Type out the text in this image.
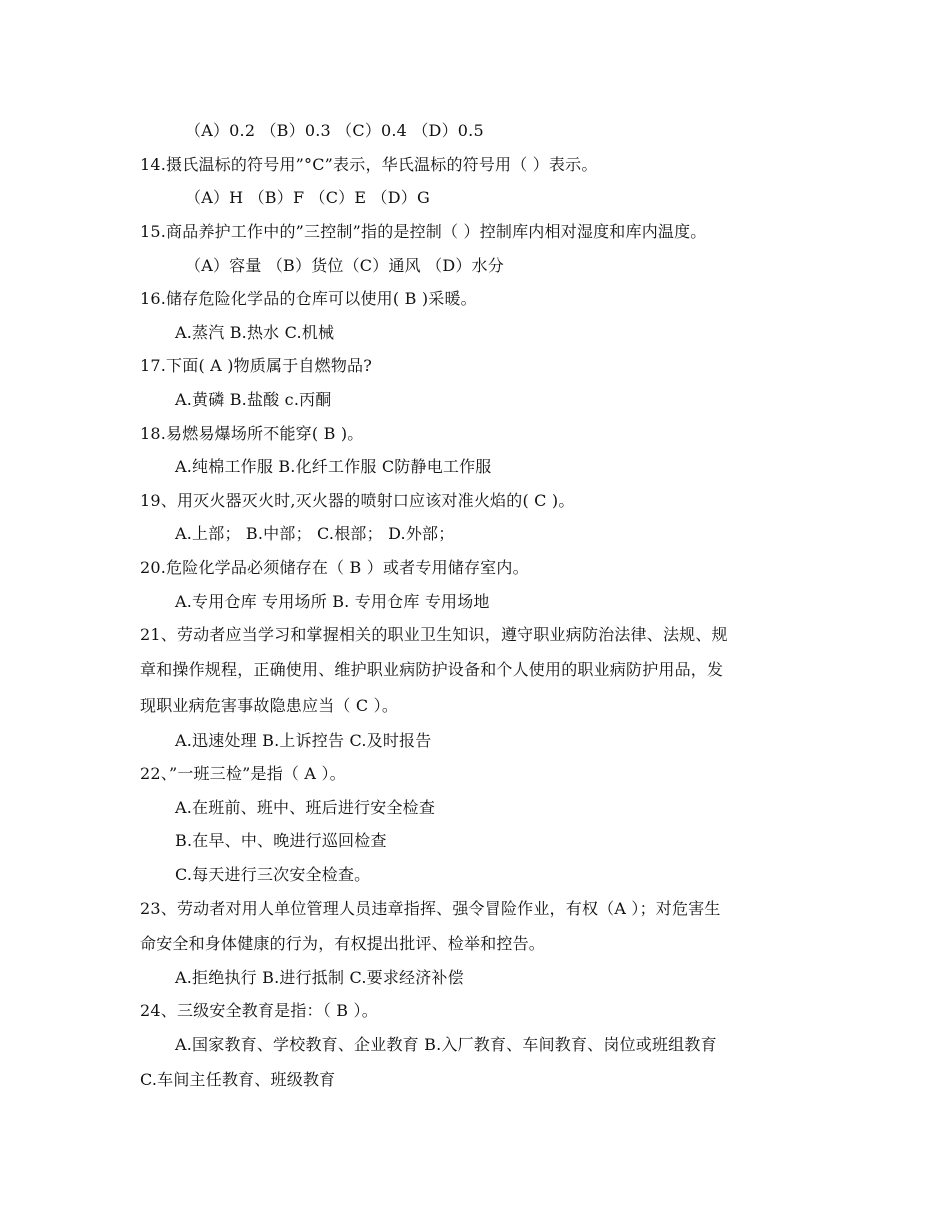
（A）0.2 （B）0.3 （C）0.4 （D）0.5
14.摄氏温标的符号用”°C”表示，华氏温标的符号用（ ）表示。
（A）H （B）F （C）E （D）G
15.商品养护工作中的”三控制”指的是控制（ ）控制库内相对湿度和库内温度。
（A）容量 （B）货位（C）通风 （D）水分
16.储存危险化学品的仓库可以使用( B )采暖。
A.蒸汽 B.热水 C.机械
17.下面( A )物质属于自燃物品?
A.黄磷 B.盐酸 c.丙酮
18.易燃易爆场所不能穿( B )。
A.纯棉工作服 B.化纤工作服 C防静电工作服
19、用灭火器灭火时,灭火器的喷射口应该对准火焰的( C )。
A.上部； B.中部； C.根部； D.外部；
20.危险化学品必须储存在（ B ）或者专用储存室内。
A.专用仓库 专用场所 B. 专用仓库 专用场地
21、劳动者应当学习和掌握相关的职业卫生知识，遵守职业病防治法律、法规、规
章和操作规程，正确使用、维护职业病防护设备和个人使用的职业病防护用品，发
现职业病危害事故隐患应当（ C ）。
A.迅速处理 B.上诉控告 C.及时报告
22、”一班三检”是指（ A ）。
A.在班前、班中、班后进行安全检查
B.在早、中、晚进行巡回检查
C.每天进行三次安全检查。
23、劳动者对用人单位管理人员违章指挥、强令冒险作业，有权（A ）；对危害生
命安全和身体健康的行为，有权提出批评、检举和控告。
A.拒绝执行 B.进行抵制 C.要求经济补偿
24、三级安全教育是指：（ B ）。
A.国家教育、学校教育、企业教育 B.入厂教育、车间教育、岗位或班组教育
C.车间主任教育、班级教育
